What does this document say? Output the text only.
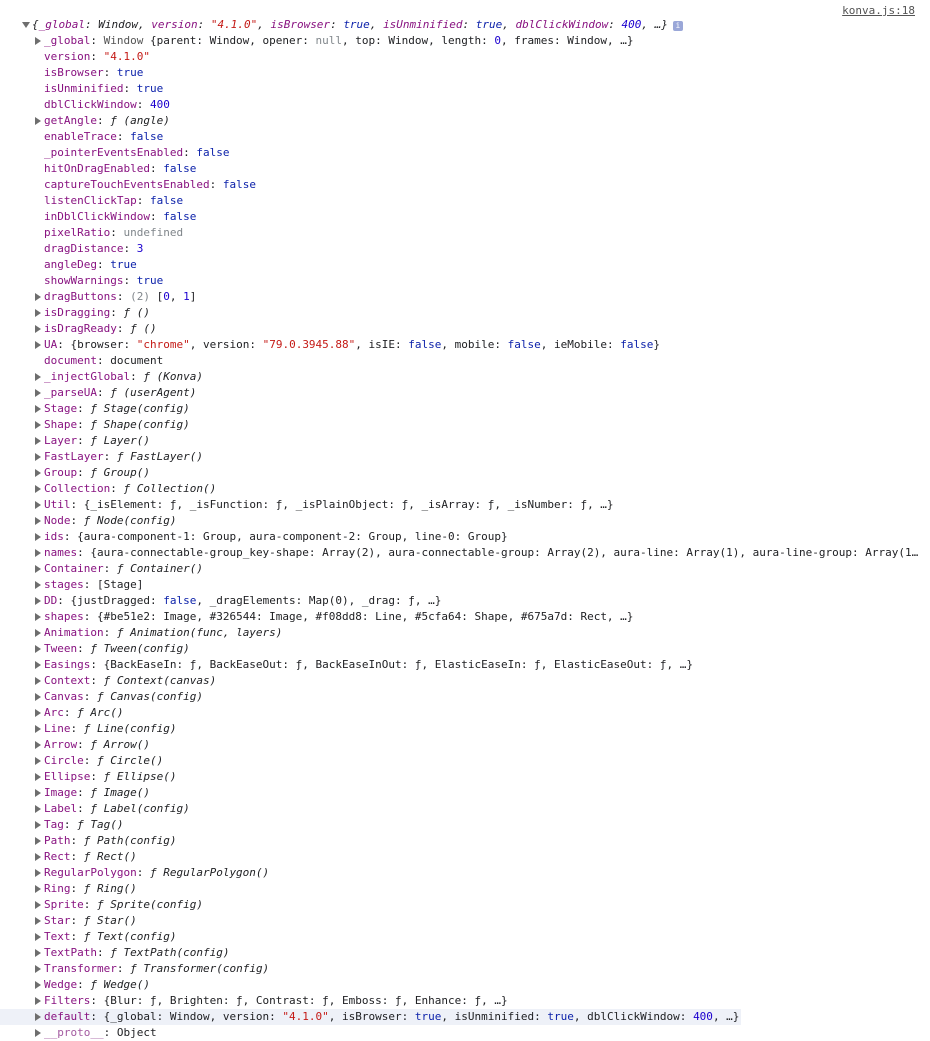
konva.js:18
{_global: Window, version: "4.1.0", isBrowser: true, isUnminified: true, dblClickWindow: 400, …} i
_global: Window {parent: Window, opener: null, top: Window, length: 0, frames: Window, …}
version: "4.1.0"
isBrowser: true
isUnminified: true
dblClickWindow: 400
getAngle: ƒ (angle)
enableTrace: false
_pointerEventsEnabled: false
hitOnDragEnabled: false
captureTouchEventsEnabled: false
listenClickTap: false
inDblClickWindow: false
pixelRatio: undefined
dragDistance: 3
angleDeg: true
showWarnings: true
dragButtons: (2) [0, 1]
isDragging: ƒ ()
isDragReady: ƒ ()
UA: {browser: "chrome", version: "79.0.3945.88", isIE: false, mobile: false, ieMobile: false}
document: document
_injectGlobal: ƒ (Konva)
_parseUA: ƒ (userAgent)
Stage: ƒ Stage(config)
Shape: ƒ Shape(config)
Layer: ƒ Layer()
FastLayer: ƒ FastLayer()
Group: ƒ Group()
Collection: ƒ Collection()
Util: {_isElement: ƒ, _isFunction: ƒ, _isPlainObject: ƒ, _isArray: ƒ, _isNumber: ƒ, …}
Node: ƒ Node(config)
ids: {aura-component-1: Group, aura-component-2: Group, line-0: Group}
names: {aura-connectable-group_key-shape: Array(2), aura-connectable-group: Array(2), aura-line: Array(1), aura-line-group: Array(1…
Container: ƒ Container()
stages: [Stage]
DD: {justDragged: false, _dragElements: Map(0), _drag: ƒ, …}
shapes: {#be51e2: Image, #326544: Image, #f08dd8: Line, #5cfa64: Shape, #675a7d: Rect, …}
Animation: ƒ Animation(func, layers)
Tween: ƒ Tween(config)
Easings: {BackEaseIn: ƒ, BackEaseOut: ƒ, BackEaseInOut: ƒ, ElasticEaseIn: ƒ, ElasticEaseOut: ƒ, …}
Context: ƒ Context(canvas)
Canvas: ƒ Canvas(config)
Arc: ƒ Arc()
Line: ƒ Line(config)
Arrow: ƒ Arrow()
Circle: ƒ Circle()
Ellipse: ƒ Ellipse()
Image: ƒ Image()
Label: ƒ Label(config)
Tag: ƒ Tag()
Path: ƒ Path(config)
Rect: ƒ Rect()
RegularPolygon: ƒ RegularPolygon()
Ring: ƒ Ring()
Sprite: ƒ Sprite(config)
Star: ƒ Star()
Text: ƒ Text(config)
TextPath: ƒ TextPath(config)
Transformer: ƒ Transformer(config)
Wedge: ƒ Wedge()
Filters: {Blur: ƒ, Brighten: ƒ, Contrast: ƒ, Emboss: ƒ, Enhance: ƒ, …}
default: {_global: Window, version: "4.1.0", isBrowser: true, isUnminified: true, dblClickWindow: 400, …}
__proto__: Object
